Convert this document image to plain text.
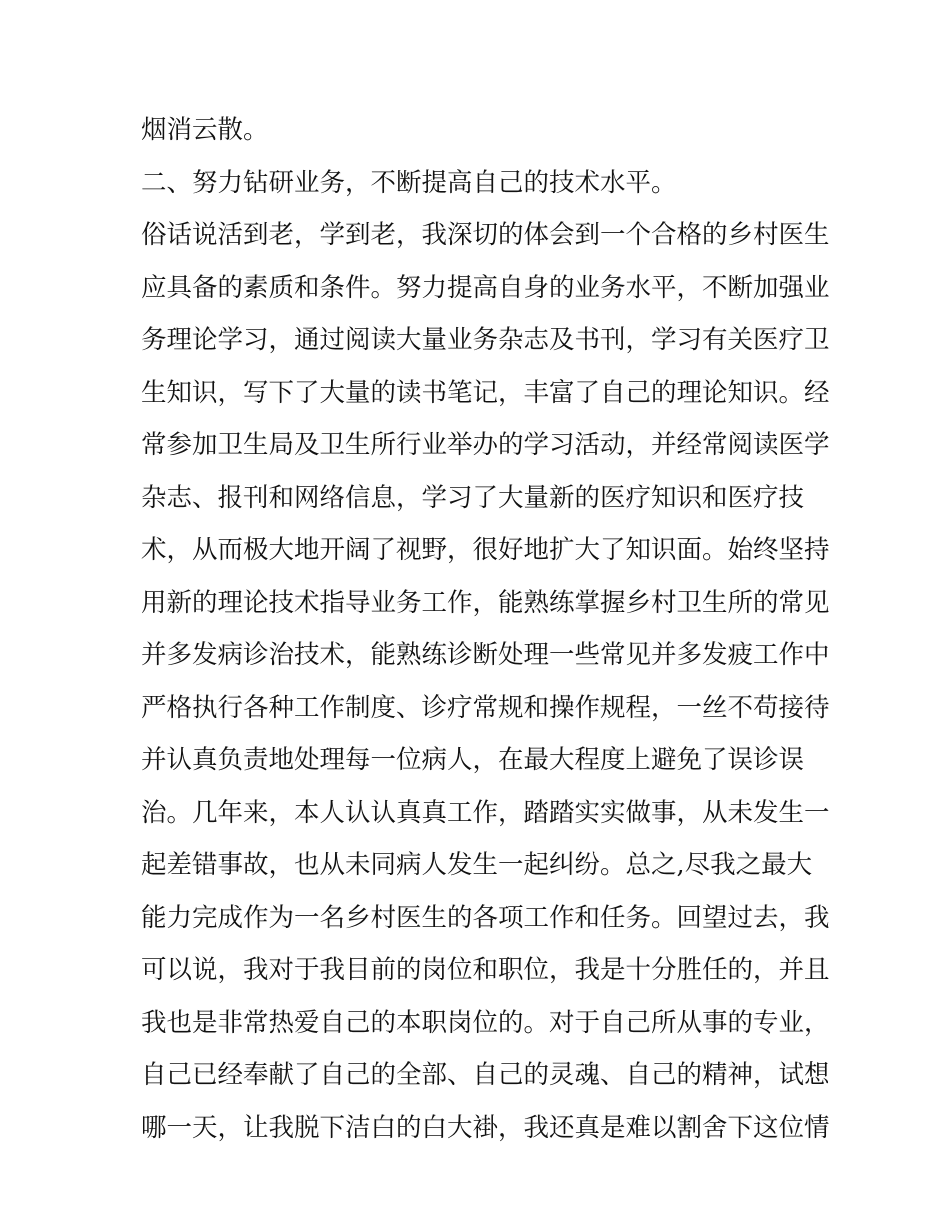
烟消云散。
二、努力钻研业务，不断提高自己的技术水平。
俗话说活到老，学到老，我深切的体会到一个合格的乡村医生
应具备的素质和条件。努力提高自身的业务水平，不断加强业
务理论学习，通过阅读大量业务杂志及书刊，学习有关医疗卫
生知识，写下了大量的读书笔记，丰富了自己的理论知识。经
常参加卫生局及卫生所行业举办的学习活动，并经常阅读医学
杂志、报刊和网络信息，学习了大量新的医疗知识和医疗技
术，从而极大地开阔了视野，很好地扩大了知识面。始终坚持
用新的理论技术指导业务工作，能熟练掌握乡村卫生所的常见
并多发病诊治技术，能熟练诊断处理一些常见并多发疲工作中
严格执行各种工作制度、诊疗常规和操作规程，一丝不苟接待
并认真负责地处理每一位病人，在最大程度上避免了误诊误
治。几年来，本人认认真真工作，踏踏实实做事，从未发生一
起差错事故，也从未同病人发生一起纠纷。总之,尽我之最大
能力完成作为一名乡村医生的各项工作和任务。回望过去，我
可以说，我对于我目前的岗位和职位，我是十分胜任的，并且
我也是非常热爱自己的本职岗位的。对于自己所从事的专业，
自己已经奉献了自己的全部、自己的灵魂、自己的精神，试想
哪一天，让我脱下洁白的白大褂，我还真是难以割舍下这位情
